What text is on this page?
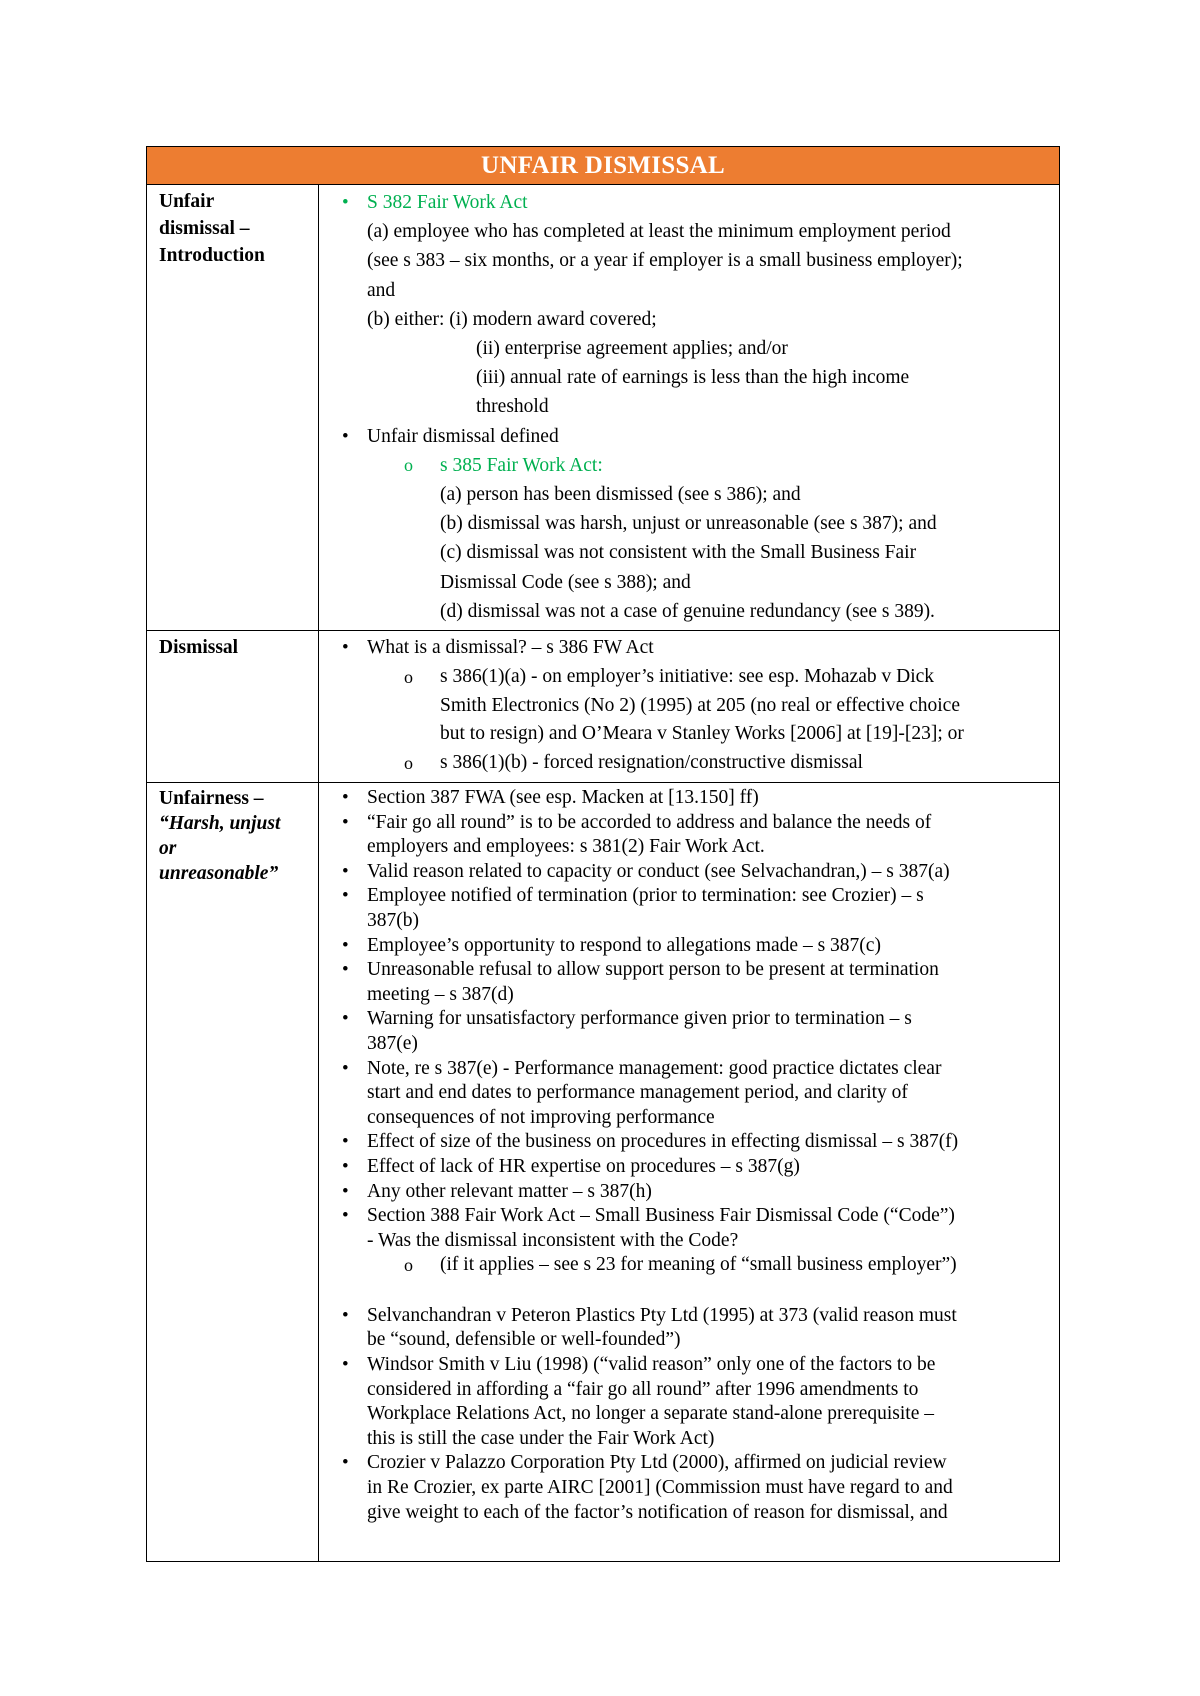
UNFAIR DISMISSAL
Unfair
dismissal –
Introduction
• S 382 Fair Work Act
(a) employee who has completed at least the minimum employment period
(see s 383 – six months, or a year if employer is a small business employer);
and
(b) either: (i) modern award covered;
(ii) enterprise agreement applies; and/or
(iii) annual rate of earnings is less than the high income
threshold
• Unfair dismissal defined
o s 385 Fair Work Act:
(a) person has been dismissed (see s 386); and
(b) dismissal was harsh, unjust or unreasonable (see s 387); and
(c) dismissal was not consistent with the Small Business Fair
Dismissal Code (see s 388); and
(d) dismissal was not a case of genuine redundancy (see s 389).
Dismissal	• What is a dismissal? – s 386 FW Act
o s 386(1)(a) - on employer’s initiative: see esp. Mohazab v Dick
Smith Electronics (No 2) (1995) at 205 (no real or effective choice
but to resign) and O’Meara v Stanley Works [2006] at [19]-[23]; or
o s 386(1)(b) - forced resignation/constructive dismissal
Unfairness –
“Harsh, unjust
or
unreasonable”
• Section 387 FWA (see esp. Macken at [13.150] ff)
• “Fair go all round” is to be accorded to address and balance the needs of
employers and employees: s 381(2) Fair Work Act.
• Valid reason related to capacity or conduct (see Selvachandran,) – s 387(a)
• Employee notified of termination (prior to termination: see Crozier) – s
387(b)
• Employee’s opportunity to respond to allegations made – s 387(c)
• Unreasonable refusal to allow support person to be present at termination
meeting – s 387(d)
• Warning for unsatisfactory performance given prior to termination – s
387(e)
• Note, re s 387(e) - Performance management: good practice dictates clear
start and end dates to performance management period, and clarity of
consequences of not improving performance
• Effect of size of the business on procedures in effecting dismissal – s 387(f)
• Effect of lack of HR expertise on procedures – s 387(g)
• Any other relevant matter – s 387(h)
• Section 388 Fair Work Act – Small Business Fair Dismissal Code (“Code”)
- Was the dismissal inconsistent with the Code?
o (if it applies – see s 23 for meaning of “small business employer”)
• Selvanchandran v Peteron Plastics Pty Ltd (1995) at 373 (valid reason must
be “sound, defensible or well-founded”)
• Windsor Smith v Liu (1998) (“valid reason” only one of the factors to be
considered in affording a “fair go all round” after 1996 amendments to
Workplace Relations Act, no longer a separate stand-alone prerequisite –
this is still the case under the Fair Work Act)
• Crozier v Palazzo Corporation Pty Ltd (2000), affirmed on judicial review
in Re Crozier, ex parte AIRC [2001] (Commission must have regard to and
give weight to each of the factor’s notification of reason for dismissal, and
